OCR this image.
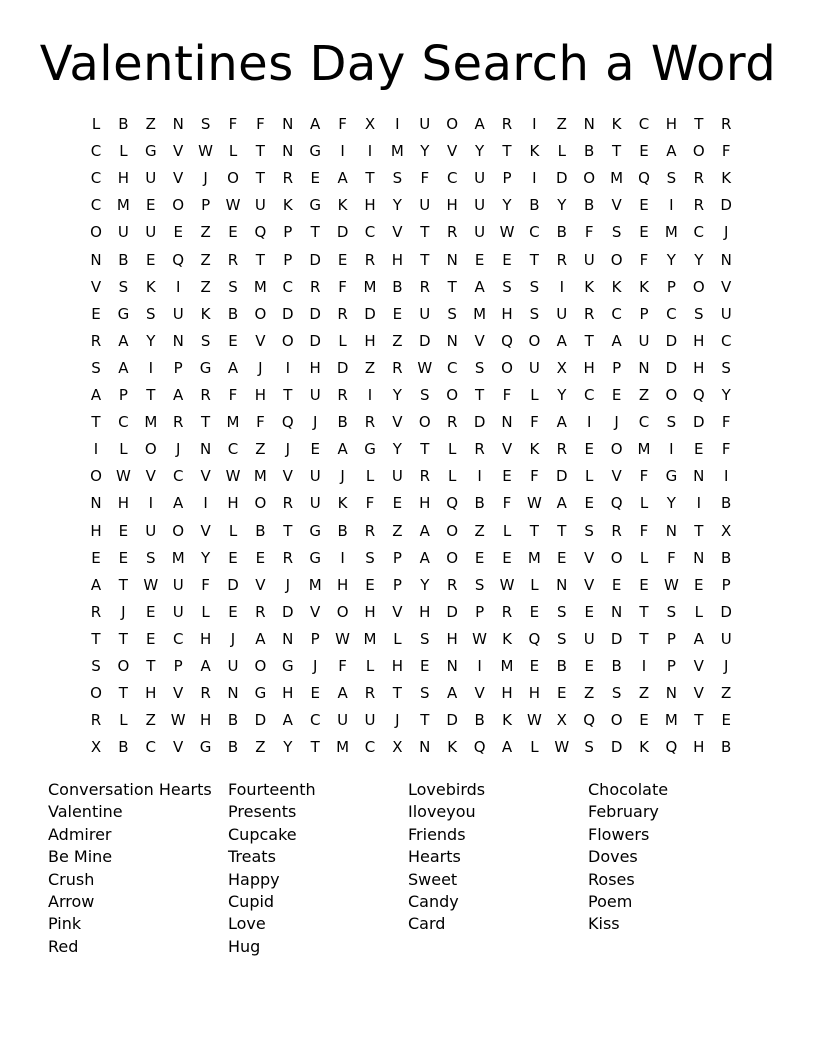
Valentines Day Search a Word
L	B	Z	N	S	F	F	N	A	F	X	I	U	O	A	R	I	Z	N	K	C	H	T	R
C	L	G	V W	L	T	N	G	I	I	M	Y	V	Y	T	K	L	B	T	E	A	O	F
C	H	U	V	J	O	T	R	E	A	T	S	F	C	U	P	I	D	O	M	Q	S	R	K
C	M	E	O	P	W U	K	G	K	H	Y	U	H	U	Y	B	Y	B	V	E	I	R	D
O	U	U	E	Z	E	Q	P	T	D	C	V	T	R	U W C	B	F	S	E	M	C	J
N	B	E	Q	Z	R	T	P	D	E	R	H	T	N	E	E	T	R	U	O	F	Y	Y	N
V	S	K	I	Z	S	M	C	R	F	M	B	R	T	A	S	S	I	K	K	K	P	O	V
E	G	S	U	K	B	O	D	D	R	D	E	U	S	M	H	S	U	R	C	P	C	S	U
R	A	Y	N	S	E	V	O	D	L	H	Z	D	N	V	Q	O	A	T	A	U	D	H	C
S	A	I	P	G	A	J	I	H	D	Z	R W C	S	O	U	X	H	P	N	D	H	S
A	P	T	A	R	F	H	T	U	R	I	Y	S	O	T	F	L	Y	C	E	Z	O	Q	Y
T	C	M	R	T	M	F	Q	J	B	R	V	O	R	D	N	F	A	I	J	C	S	D	F
I	L	O	J	N	C	Z	J	E	A	G	Y	T	L	R	V	K	R	E	O	M	I	E	F
O W V	C	V W M	V	U	J	L	U	R	L	I	E	F	D	L	V	F	G	N	I
N	H	I	A	I	H	O	R	U	K	F	E	H	Q	B	F	W A	E	Q	L	Y	I	B
H	E	U	O	V	L	B	T	G	B	R	Z	A	O	Z	L	T	T	S	R	F	N	T	X
E	E	S	M	Y	E	E	R	G	I	S	P	A	O	E	E	M	E	V	O	L	F	N	B
A	T	W U	F	D	V	J	M	H	E	P	Y	R	S	W	L	N	V	E	E	W	E	P
R	J	E	U	L	E	R	D	V	O	H	V	H	D	P	R	E	S	E	N	T	S	L	D
T	T	E	C	H	J	A	N	P	W M	L	S	H W	K	Q	S	U	D	T	P	A	U
S	O	T	P	A	U	O	G	J	F	L	H	E	N	I	M	E	B	E	B	I	P	V	J
O	T	H	V	R	N	G	H	E	A	R	T	S	A	V	H	H	E	Z	S	Z	N	V	Z
R	L	Z W H	B	D	A	C	U	U	J	T	D	B	K	W X	Q	O	E	M	T	E
X	B	C	V	G	B	Z	Y	T	M	C	X	N	K	Q	A	L	W	S	D	K	Q	H	B
Conversation Hearts
Valentine
Admirer
Be Mine
Crush
Arrow
Pink
Red
Fourteenth
Presents
Cupcake
Treats
Happy
Cupid
Love
Hug
Lovebirds
Iloveyou
Friends
Hearts
Sweet
Candy
Card
Chocolate
February
Flowers
Doves
Roses
Poem
Kiss
